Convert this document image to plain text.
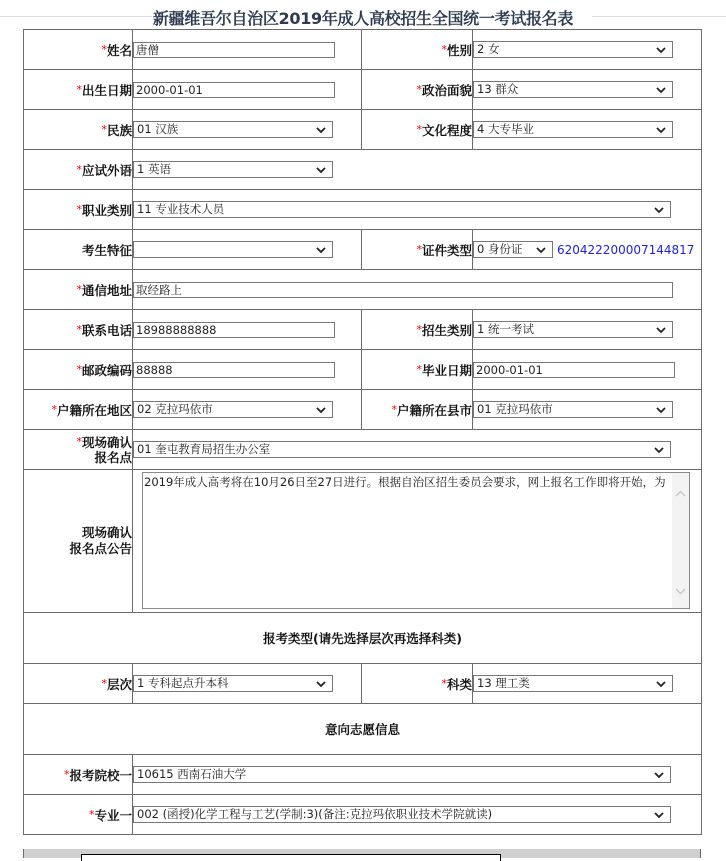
新疆维吾尔自治区2019年成人高校招生全国统一考试报名表
*姓名	唐僧	*性别	2 女

*出生日期	2000-01-01	*政治面貌	13 群众

*民族	01 汉族	*文化程度	4 大专毕业

*应试外语	1 英语		

*职业类别	11 专业技术人员		

考生特征		*证件类型	0 身份证 620422200007144817
*通信地址	取经路上		
*联系电话	18988888888	*招生类别	1 统一考试

*邮政编码	88888	*毕业日期	2000-01-01
*户籍所在地区	02 克拉玛依市	*户籍所在县市	01 克拉玛依市

*现场确认
报名点	01 奎屯教育局招生办公室		

现场确认
报名点公告	2019年成人高考将在10月26日至27日进行。根据自治区招生委员会要求，网上报名工作即将开始，为		

报考类型(请先选择层次再选择科类)			
*层次	1 专科起点升本科	*科类	13 理工类

意向志愿信息			
*报考院校一	10615 西南石油大学		

*专业一	002 (函授)化学工程与工艺(学制:3)(备注:克拉玛依职业技术学院就读)		
